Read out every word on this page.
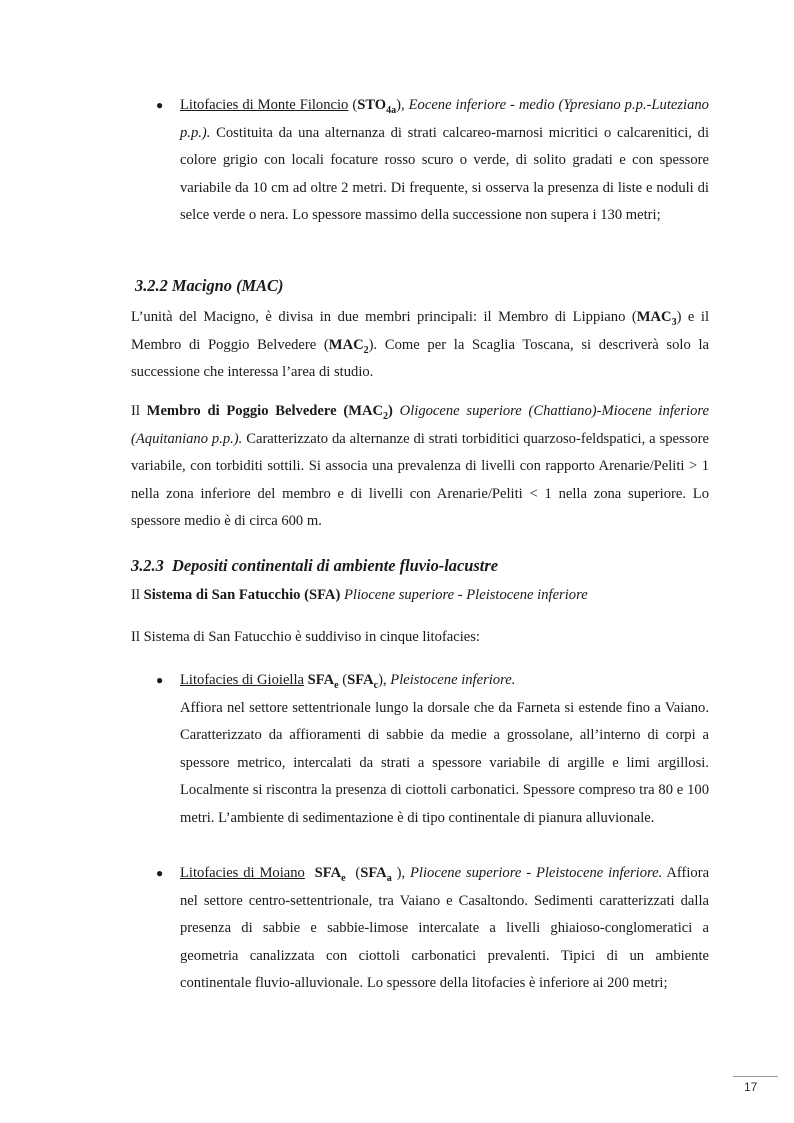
● Litofacies di Monte Filoncio $(STO_{4a})$, Eocene inferiore - medio (Ypresiano p.p.-Luteziano p.p.). Costituita da una alternanza di strati calcareo-marnosi micritici o calcarenitici, di colore grigio con locali focature rosso scuro o verde, di solito gradati e con spessore variabile da 10 cm ad oltre 2 metri. Di frequente, si osserva la presenza di liste e noduli di selce verde o nera. Lo spessore massimo della successione non supera i 130 metri;

3.2.2 Macigno (MAC)

L’unità del Macigno, è divisa in due membri principali: il Membro di Lippiano $(MAC_3)$ e il Membro di Poggio Belvedere $(MAC_2)$. Come per la Scaglia Toscana, si descriverà solo la successione che interessa l’area di studio.

Il Membro di Poggio Belvedere $(MAC_2)$ Oligocene superiore (Chattiano)-Miocene inferiore (Aquitaniano p.p.). Caratterizzato da alternanze di strati torbiditici quarzoso-feldspatici, a spessore variabile, con torbiditi sottili. Si associa una prevalenza di livelli con rapporto Arenarie/Peliti > 1 nella zona inferiore del membro e di livelli con Arenarie/Peliti < 1 nella zona superiore. Lo spessore medio è di circa 600 m.

3.2.3 Depositi continentali di ambiente fluvio-lacustre

Il Sistema di San Fatucchio (SFA) Pliocene superiore - Pleistocene inferiore

Il Sistema di San Fatucchio è suddiviso in cinque litofacies:

● Litofacies di Gioiella $SFA_e$ $(SFA_c)$, Pleistocene inferiore.
Affiora nel settore settentrionale lungo la dorsale che da Farneta si estende fino a Vaiano. Caratterizzato da affioramenti di sabbie da medie a grossolane, all’interno di corpi a spessore metrico, intercalati da strati a spessore variabile di argille e limi argillosi. Localmente si riscontra la presenza di ciottoli carbonatici. Spessore compreso tra 80 e 100 metri. L’ambiente di sedimentazione è di tipo continentale di pianura alluvionale.

● Litofacies di Moiano $SFA_e$ ($SFA_a$ ), Pliocene superiore - Pleistocene inferiore. Affiora nel settore centro-settentrionale, tra Vaiano e Casaltondo. Sedimenti caratterizzati dalla presenza di sabbie e sabbie-limose intercalate a livelli ghiaioso-conglomeratici a geometria canalizzata con ciottoli carbonatici prevalenti. Tipici di un ambiente continentale fluvio-alluvionale. Lo spessore della litofacies è inferiore ai 200 metri;

17
